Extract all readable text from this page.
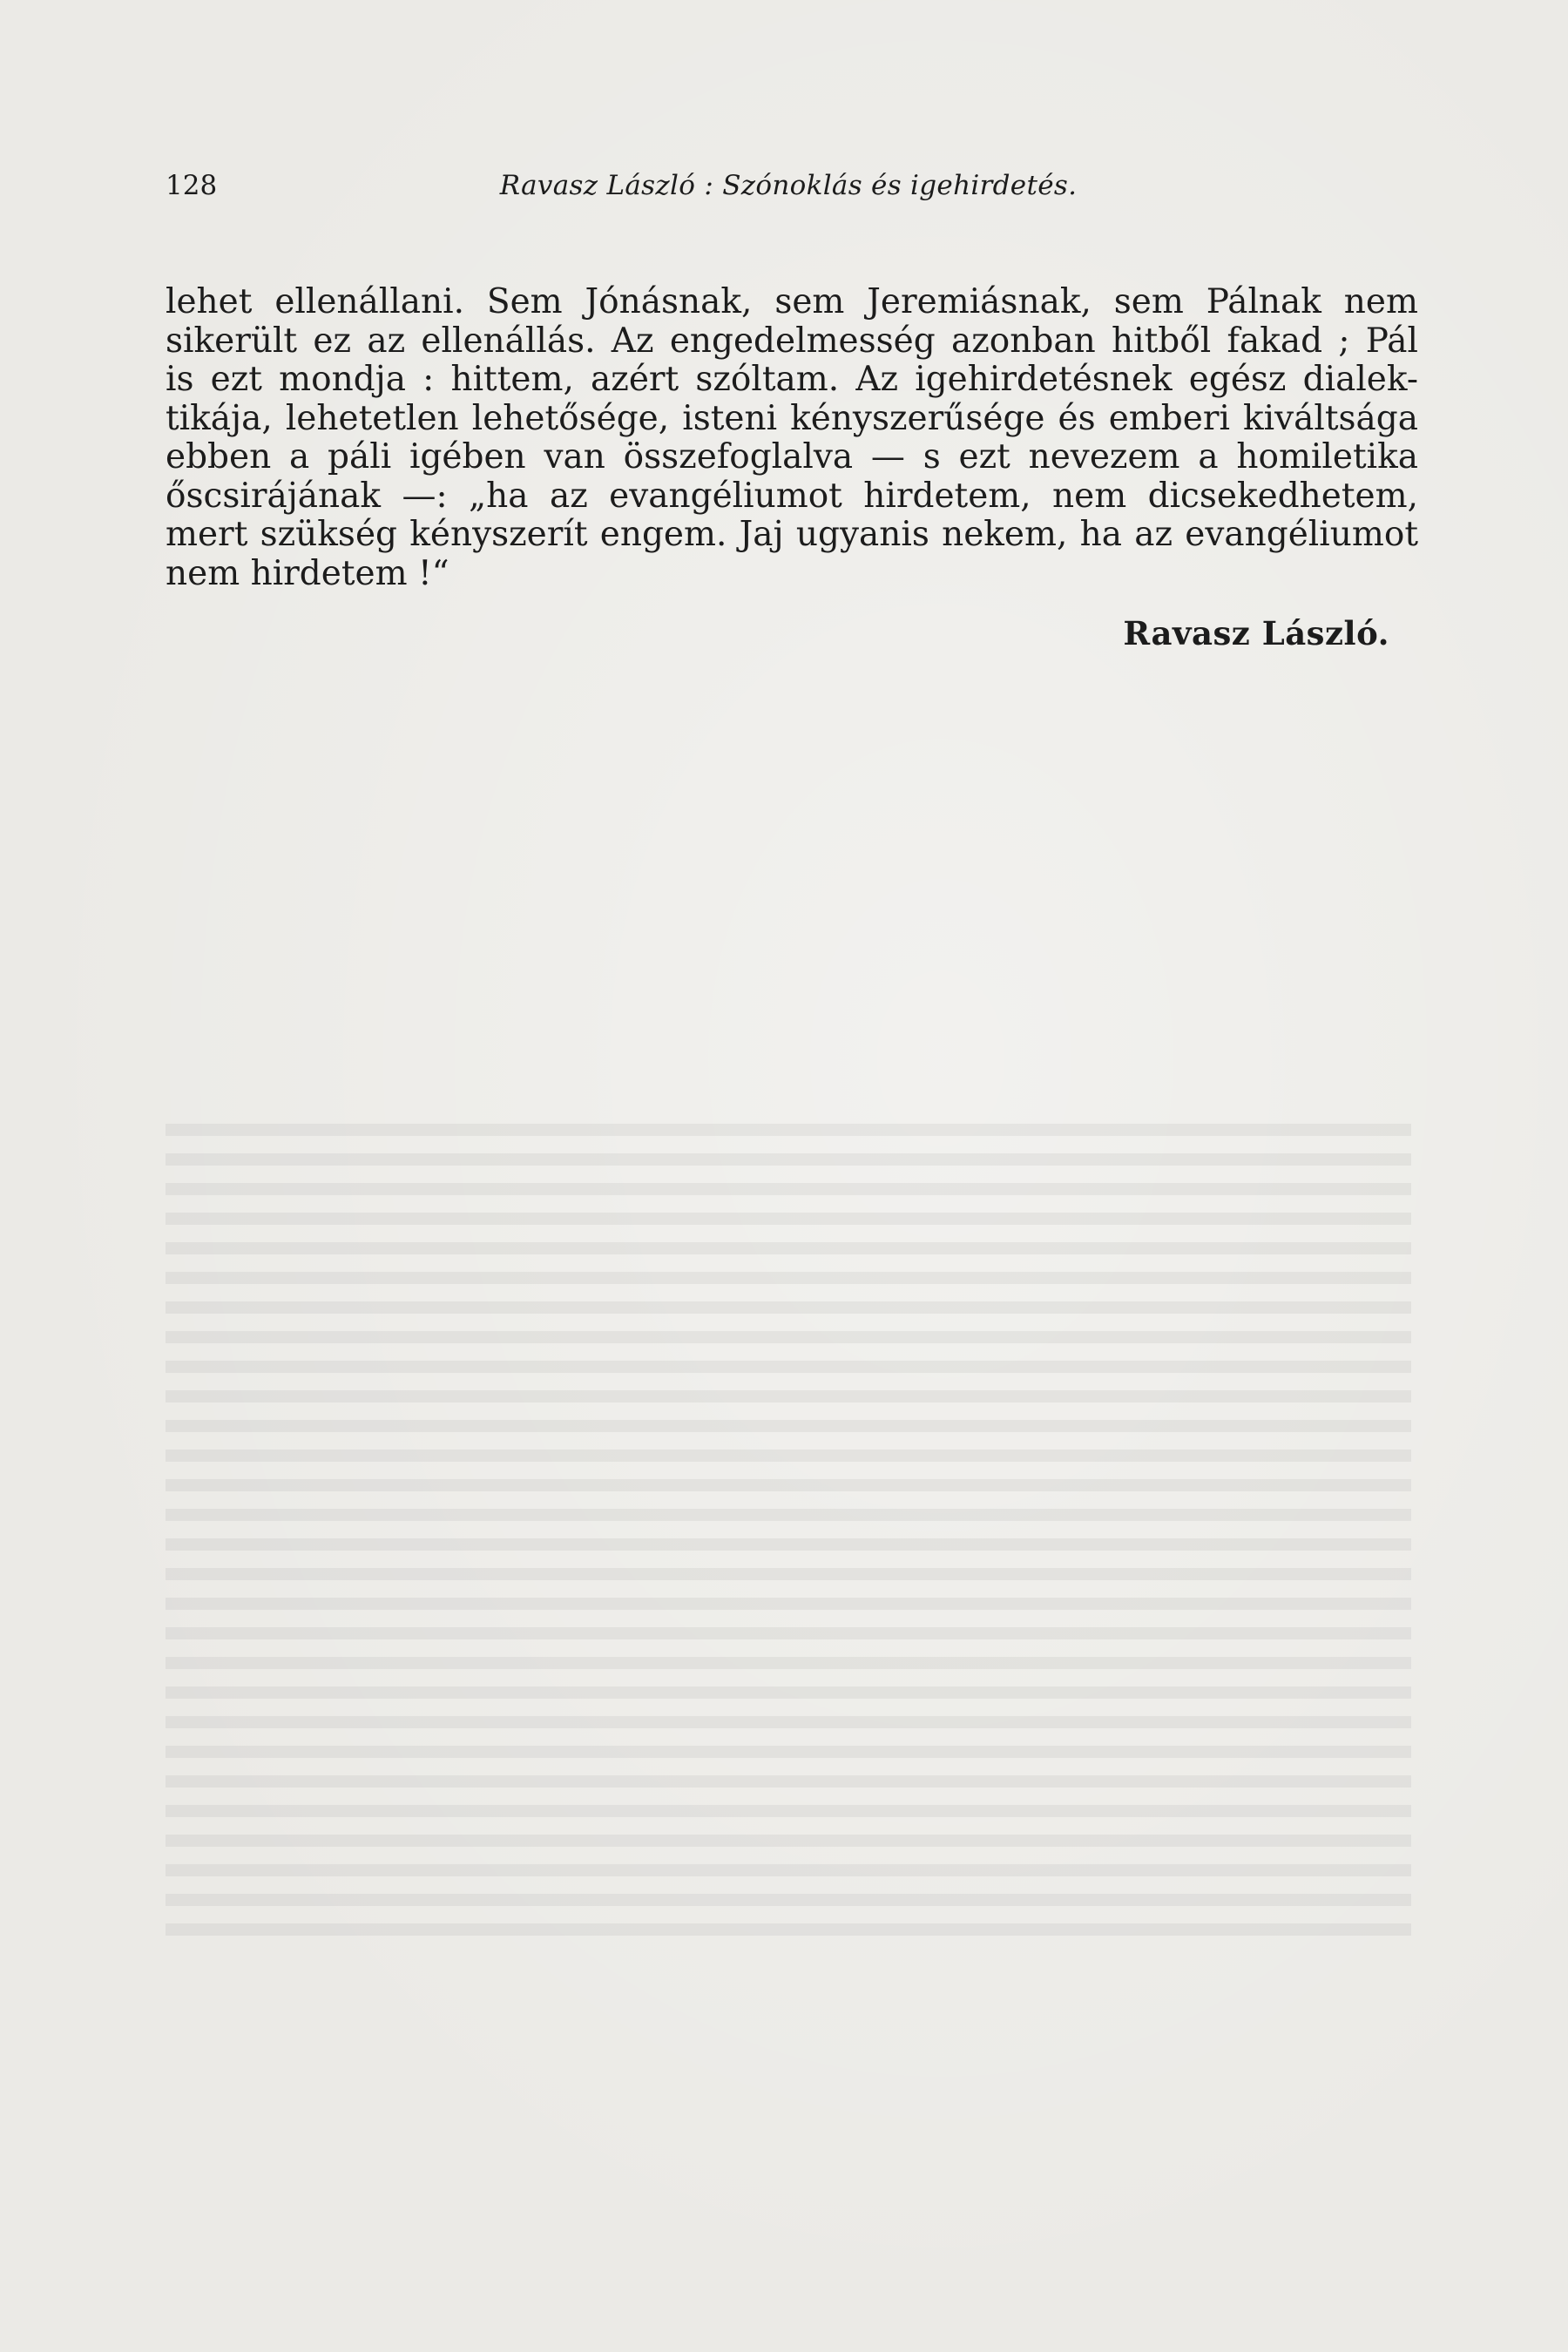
128	Ravasz László : Szónoklás és igehirdetés.

lehet ellenállani. Sem Jónásnak, sem Jeremiásnak, sem Pálnak nem
sikerült ez az ellenállás. Az engedelmesség azonban hitből fakad ; Pál
is ezt mondja : hittem, azért szóltam. Az igehirdetésnek egész dialek-
tikája, lehetetlen lehetősége, isteni kényszerűsége és emberi kiváltsága
ebben a páli igében van összefoglalva — s ezt nevezem a homiletika
őscsirájának —: „ha az evangéliumot hirdetem, nem dicsekedhetem,
mert szükség kényszerít engem. Jaj ugyanis nekem, ha az evangéliumot
nem hirdetem !“

Ravasz László.
